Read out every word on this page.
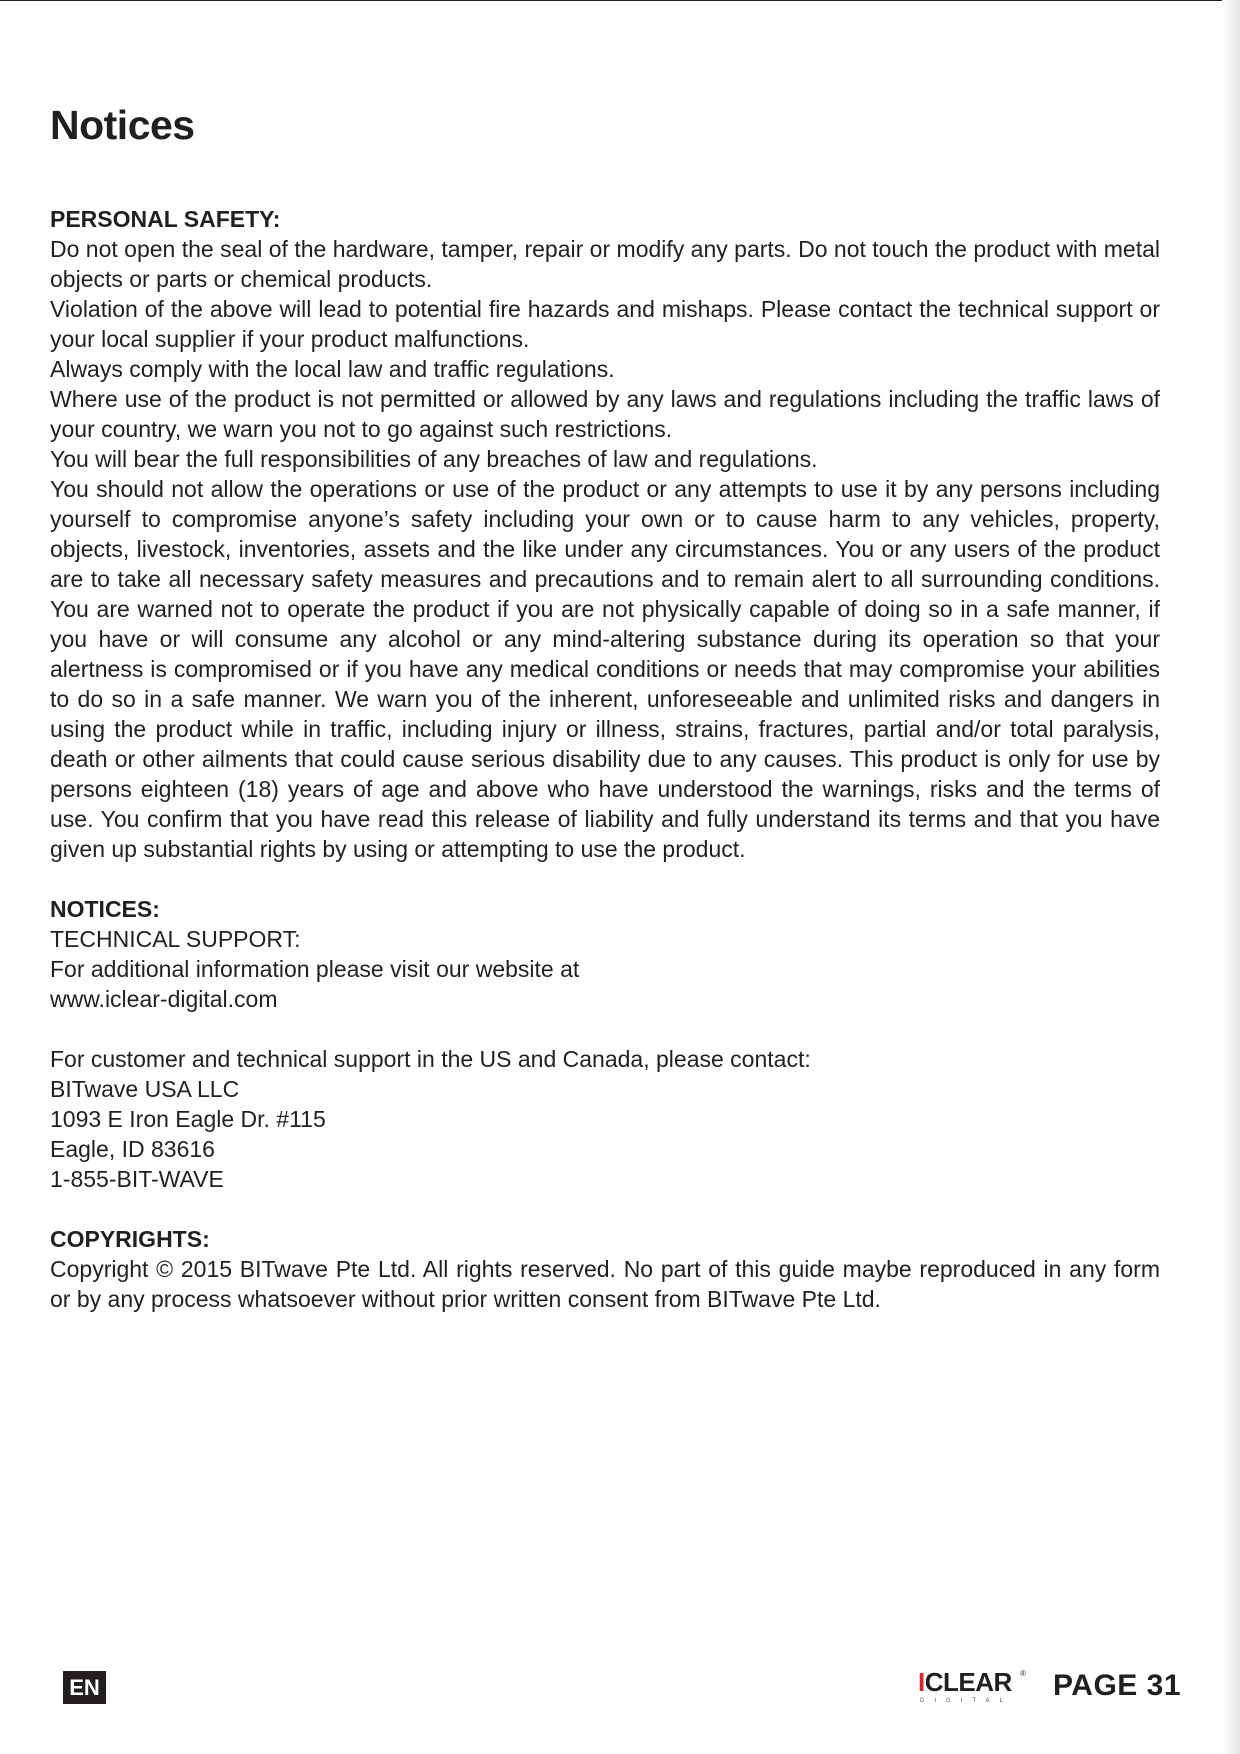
Notices

PERSONAL SAFETY:

Do not open the seal of the hardware, tamper, repair or modify any parts. Do not touch the product with metal objects or parts or chemical products.

Violation of the above will lead to potential fire hazards and mishaps. Please contact the technical support or your local supplier if your product malfunctions.

Always comply with the local law and traffic regulations.

Where use of the product is not permitted or allowed by any laws and regulations including the traffic laws of your country, we warn you not to go against such restrictions.

You will bear the full responsibilities of any breaches of law and regulations.

You should not allow the operations or use of the product or any attempts to use it by any persons including yourself to compromise anyone’s safety including your own or to cause harm to any vehicles, property, objects, livestock, inventories, assets and the like under any circumstances. You or any users of the product are to take all necessary safety measures and precautions and to remain alert to all surrounding conditions. You are warned not to operate the product if you are not physically capable of doing so in a safe manner, if you have or will consume any alcohol or any mind-altering substance during its operation so that your alertness is compromised or if you have any medical conditions or needs that may compromise your abilities to do so in a safe manner. We warn you of the inherent, unforeseeable and unlimited risks and dangers in using the product while in traffic, including injury or illness, strains, fractures, partial and/or total paralysis, death or other ailments that could cause serious disability due to any causes. This product is only for use by persons eighteen (18) years of age and above who have understood the warnings, risks and the terms of use. You confirm that you have read this release of liability and fully understand its terms and that you have given up substantial rights by using or attempting to use the product.

NOTICES:

TECHNICAL SUPPORT:

For additional information please visit our website at

www.iclear-digital.com

For customer and technical support in the US and Canada, please contact:

BITwave USA LLC

1093 E Iron Eagle Dr. #115

Eagle, ID 83616

1-855-BIT-WAVE

COPYRIGHTS:

Copyright © 2015 BITwave Pte Ltd. All rights reserved. No part of this guide maybe reproduced in any form or by any process whatsoever without prior written consent from BITwave Pte Ltd.

EN	ICLEAR ®
DIGITAL	PAGE 31
